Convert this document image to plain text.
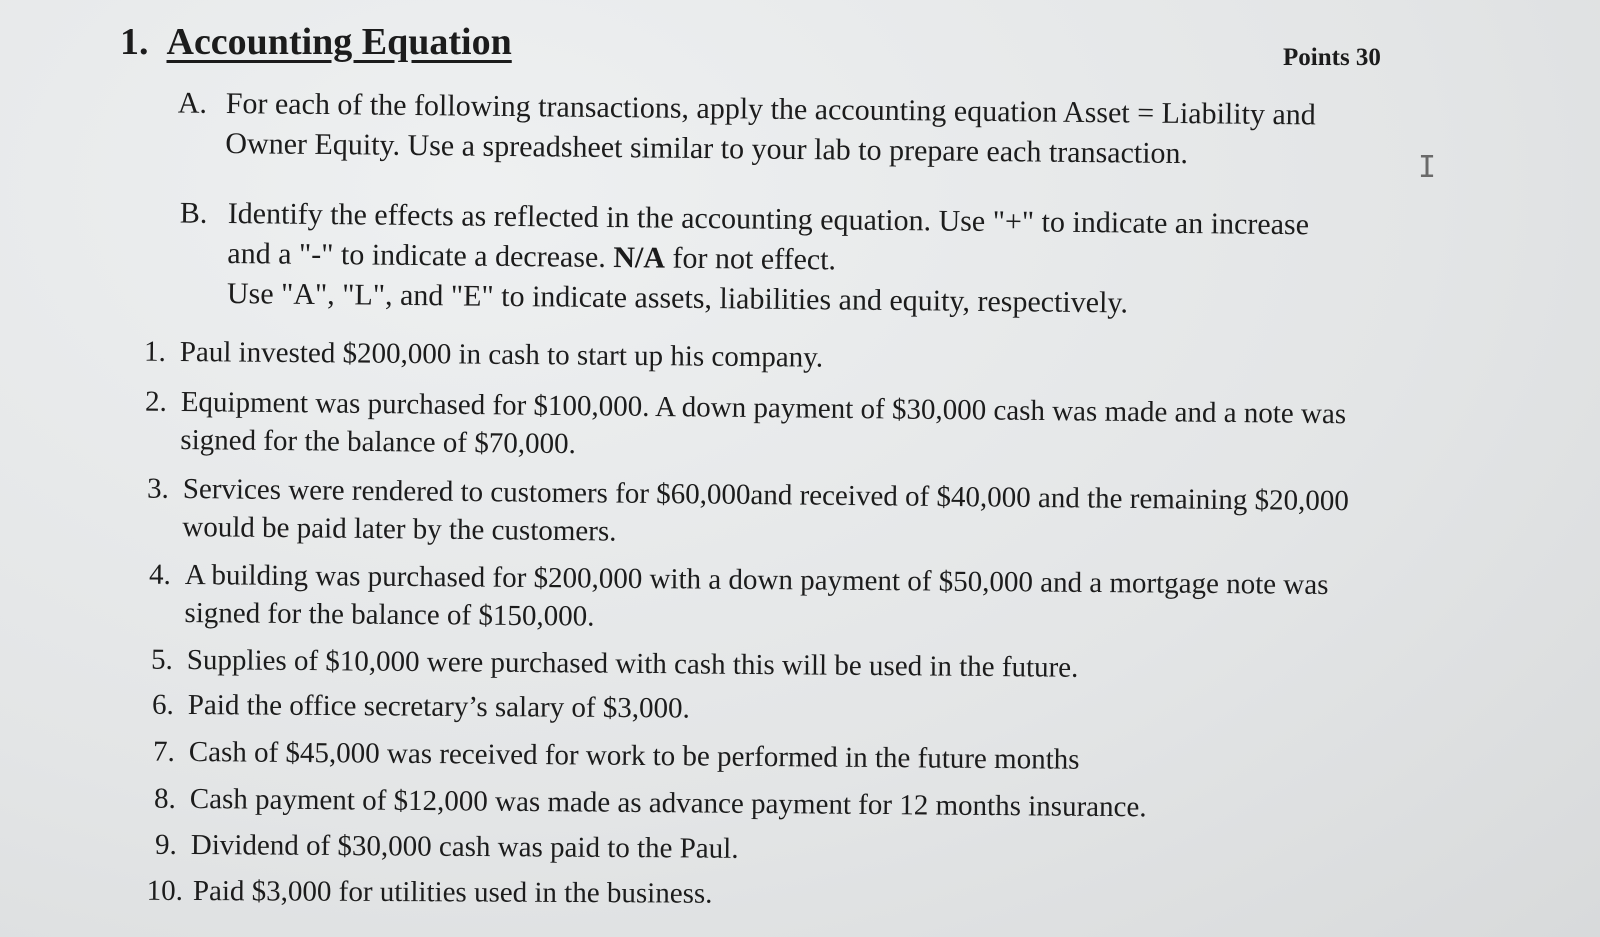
1. Accounting Equation	Points 30
A. For each of the following transactions, apply the accounting equation Asset = Liability and
Owner Equity. Use a spreadsheet similar to your lab to prepare each transaction.	I
B. Identify the effects as reflected in the accounting equation. Use "+" to indicate an increase
and a "-" to indicate a decrease. N/A for not effect.
Use "A", "L", and "E" to indicate assets, liabilities and equity, respectively.
1. Paul invested $200,000 in cash to start up his company.
2. Equipment was purchased for $100,000. A down payment of $30,000 cash was made and a note was
signed for the balance of $70,000.
3. Services were rendered to customers for $60,000and received of $40,000 and the remaining $20,000
would be paid later by the customers.
4. A building was purchased for $200,000 with a down payment of $50,000 and a mortgage note was
signed for the balance of $150,000.
5. Supplies of $10,000 were purchased with cash this will be used in the future.
6. Paid the office secretary’s salary of $3,000.
7. Cash of $45,000 was received for work to be performed in the future months
8. Cash payment of $12,000 was made as advance payment for 12 months insurance.
9. Dividend of $30,000 cash was paid to the Paul.
10. Paid $3,000 for utilities used in the business.
